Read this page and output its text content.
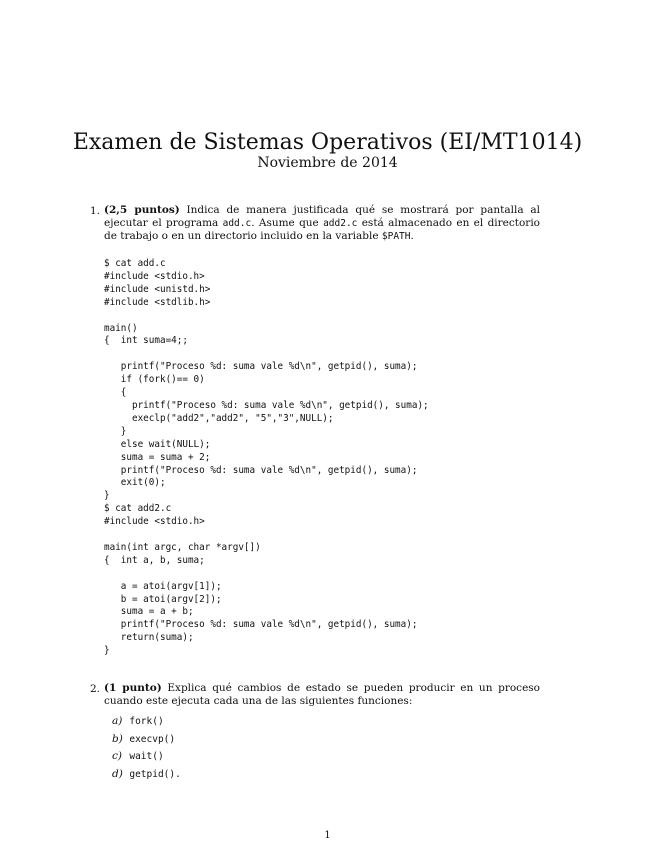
Examen de Sistemas Operativos (EI/MT1014)
Noviembre de 2014
1. (2,5 puntos) Indica de manera justificada qué se mostrará por pantalla al ejecutar el programa add.c. Asume que add2.c está almacenado en el directorio de trabajo o en un directorio incluido en la variable $PATH.
$ cat add.c
#include <stdio.h>
#include <unistd.h>
#include <stdlib.h>

main()
{  int suma=4;;

printf("Proceso %d: suma vale %d\n", getpid(), suma);
if (fork()== 0)
{
printf("Proceso %d: suma vale %d\n", getpid(), suma);
execlp("add2","add2", "5","3",NULL);
}
else wait(NULL);
suma = suma + 2;
printf("Proceso %d: suma vale %d\n", getpid(), suma);
exit(0);
}
$ cat add2.c
#include <stdio.h>

main(int argc, char *argv[])
{  int a, b, suma;

a = atoi(argv[1]);
b = atoi(argv[2]);
suma = a + b;
printf("Proceso %d: suma vale %d\n", getpid(), suma);
return(suma);
}

2. (1 punto) Explica qué cambios de estado se pueden producir en un proceso cuando este ejecuta cada una de las siguientes funciones:
a) fork()
b) execvp()
c) wait()
d) getpid().
1
